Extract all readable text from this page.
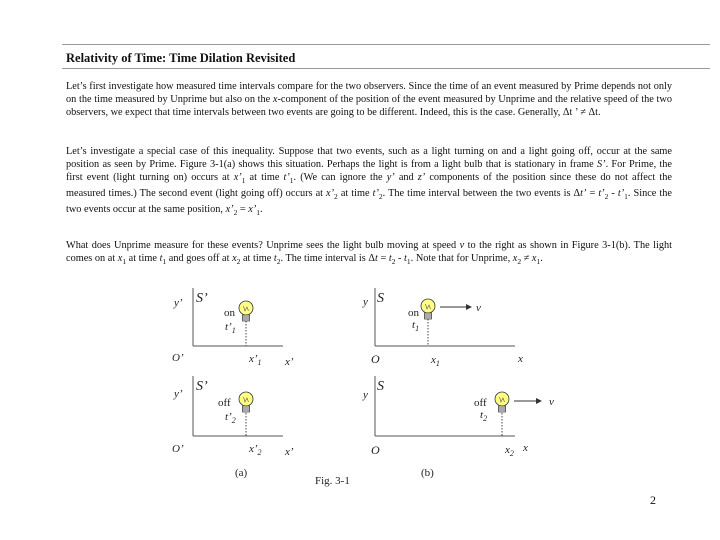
Relativity of Time: Time Dilation Revisited

Let’s first investigate how measured time intervals compare for the two observers. Since the time of an event measured by Prime depends not only on the time measured by Unprime but also on the x-component of the position of the event measured by Unprime and the relative speed of the two observers, we expect that time intervals between two events are going to be different. Indeed, this is the case. Generally, Δt ’ ≠ Δt.

Let’s investigate a special case of this inequality. Suppose that two events, such as a light turning on and a light going off, occur at the same position as seen by Prime. Figure 3-1(a) shows this situation. Perhaps the light is from a light bulb that is stationary in frame S’. For Prime, the first event (light turning on) occurs at $x’_1$ at time $t’_1$. (We can ignore the y’ and z’ components of the position since these do not affect the measured times.) The second event (light going off) occurs at $x’_2$ at time $t’_2$. The time interval between the two events is Δt’ = $t’_2$ - $t’_1$. Since the two events occur at the same position, $x’_2$ = $x’_1$.

What does Unprime measure for these events? Unprime sees the light bulb moving at speed v to the right as shown in Figure 3-1(b). The light comes on at $x_1$ at time $t_1$ and goes off at $x_2$ at time $t_2$. The time interval is $\Delta t = t_2 - t_1$. Note that for Unprime, $x_2 \ne x_1$.

y’ S’
on
$t’_1$
O’	$x’_1$ x’
y’ S’
off
$t’_2$
O’	$x’_2$ x’
y S
on
$t_1$
v
O	$x_1$	x
y
S
off
$t_2$
v
O	$x_2$ x
(a)	(b)
Fig. 3-1
2
